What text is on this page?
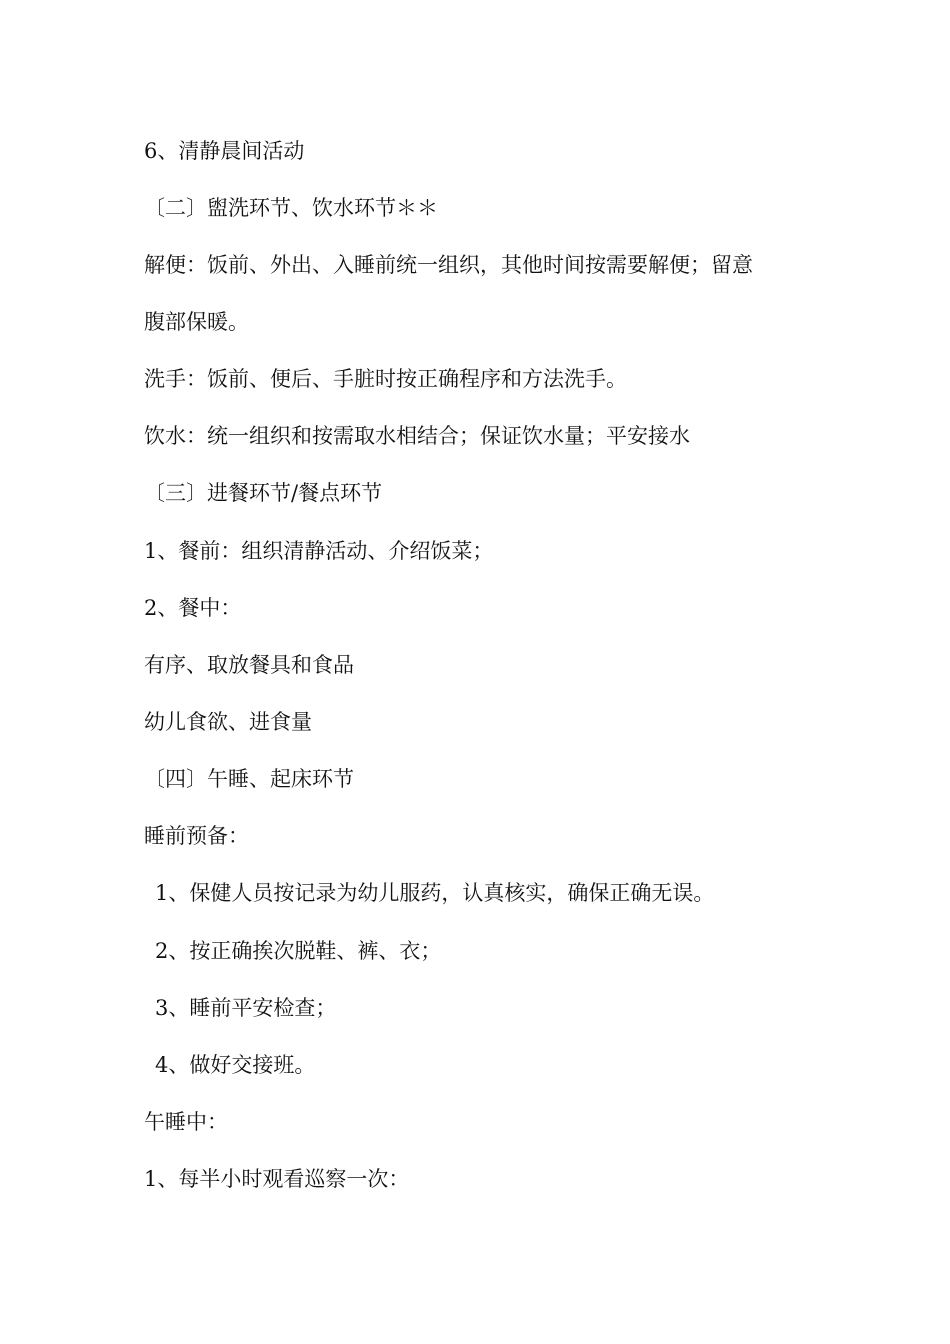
6、清静晨间活动
〔二〕盥洗环节、饮水环节＊＊
解便：饭前、外出、入睡前统一组织，其他时间按需要解便；留意
腹部保暖。
洗手：饭前、便后、手脏时按正确程序和方法洗手。
饮水：统一组织和按需取水相结合；保证饮水量；平安接水
〔三〕进餐环节/餐点环节
1、餐前：组织清静活动、介绍饭菜；
2、餐中：
有序、取放餐具和食品
幼儿食欲、进食量
〔四〕午睡、起床环节
睡前预备：
1、保健人员按记录为幼儿服药，认真核实，确保正确无误。
2、按正确挨次脱鞋、裤、衣；
3、睡前平安检查；
4、做好交接班。
午睡中：
1、每半小时观看巡察一次：
